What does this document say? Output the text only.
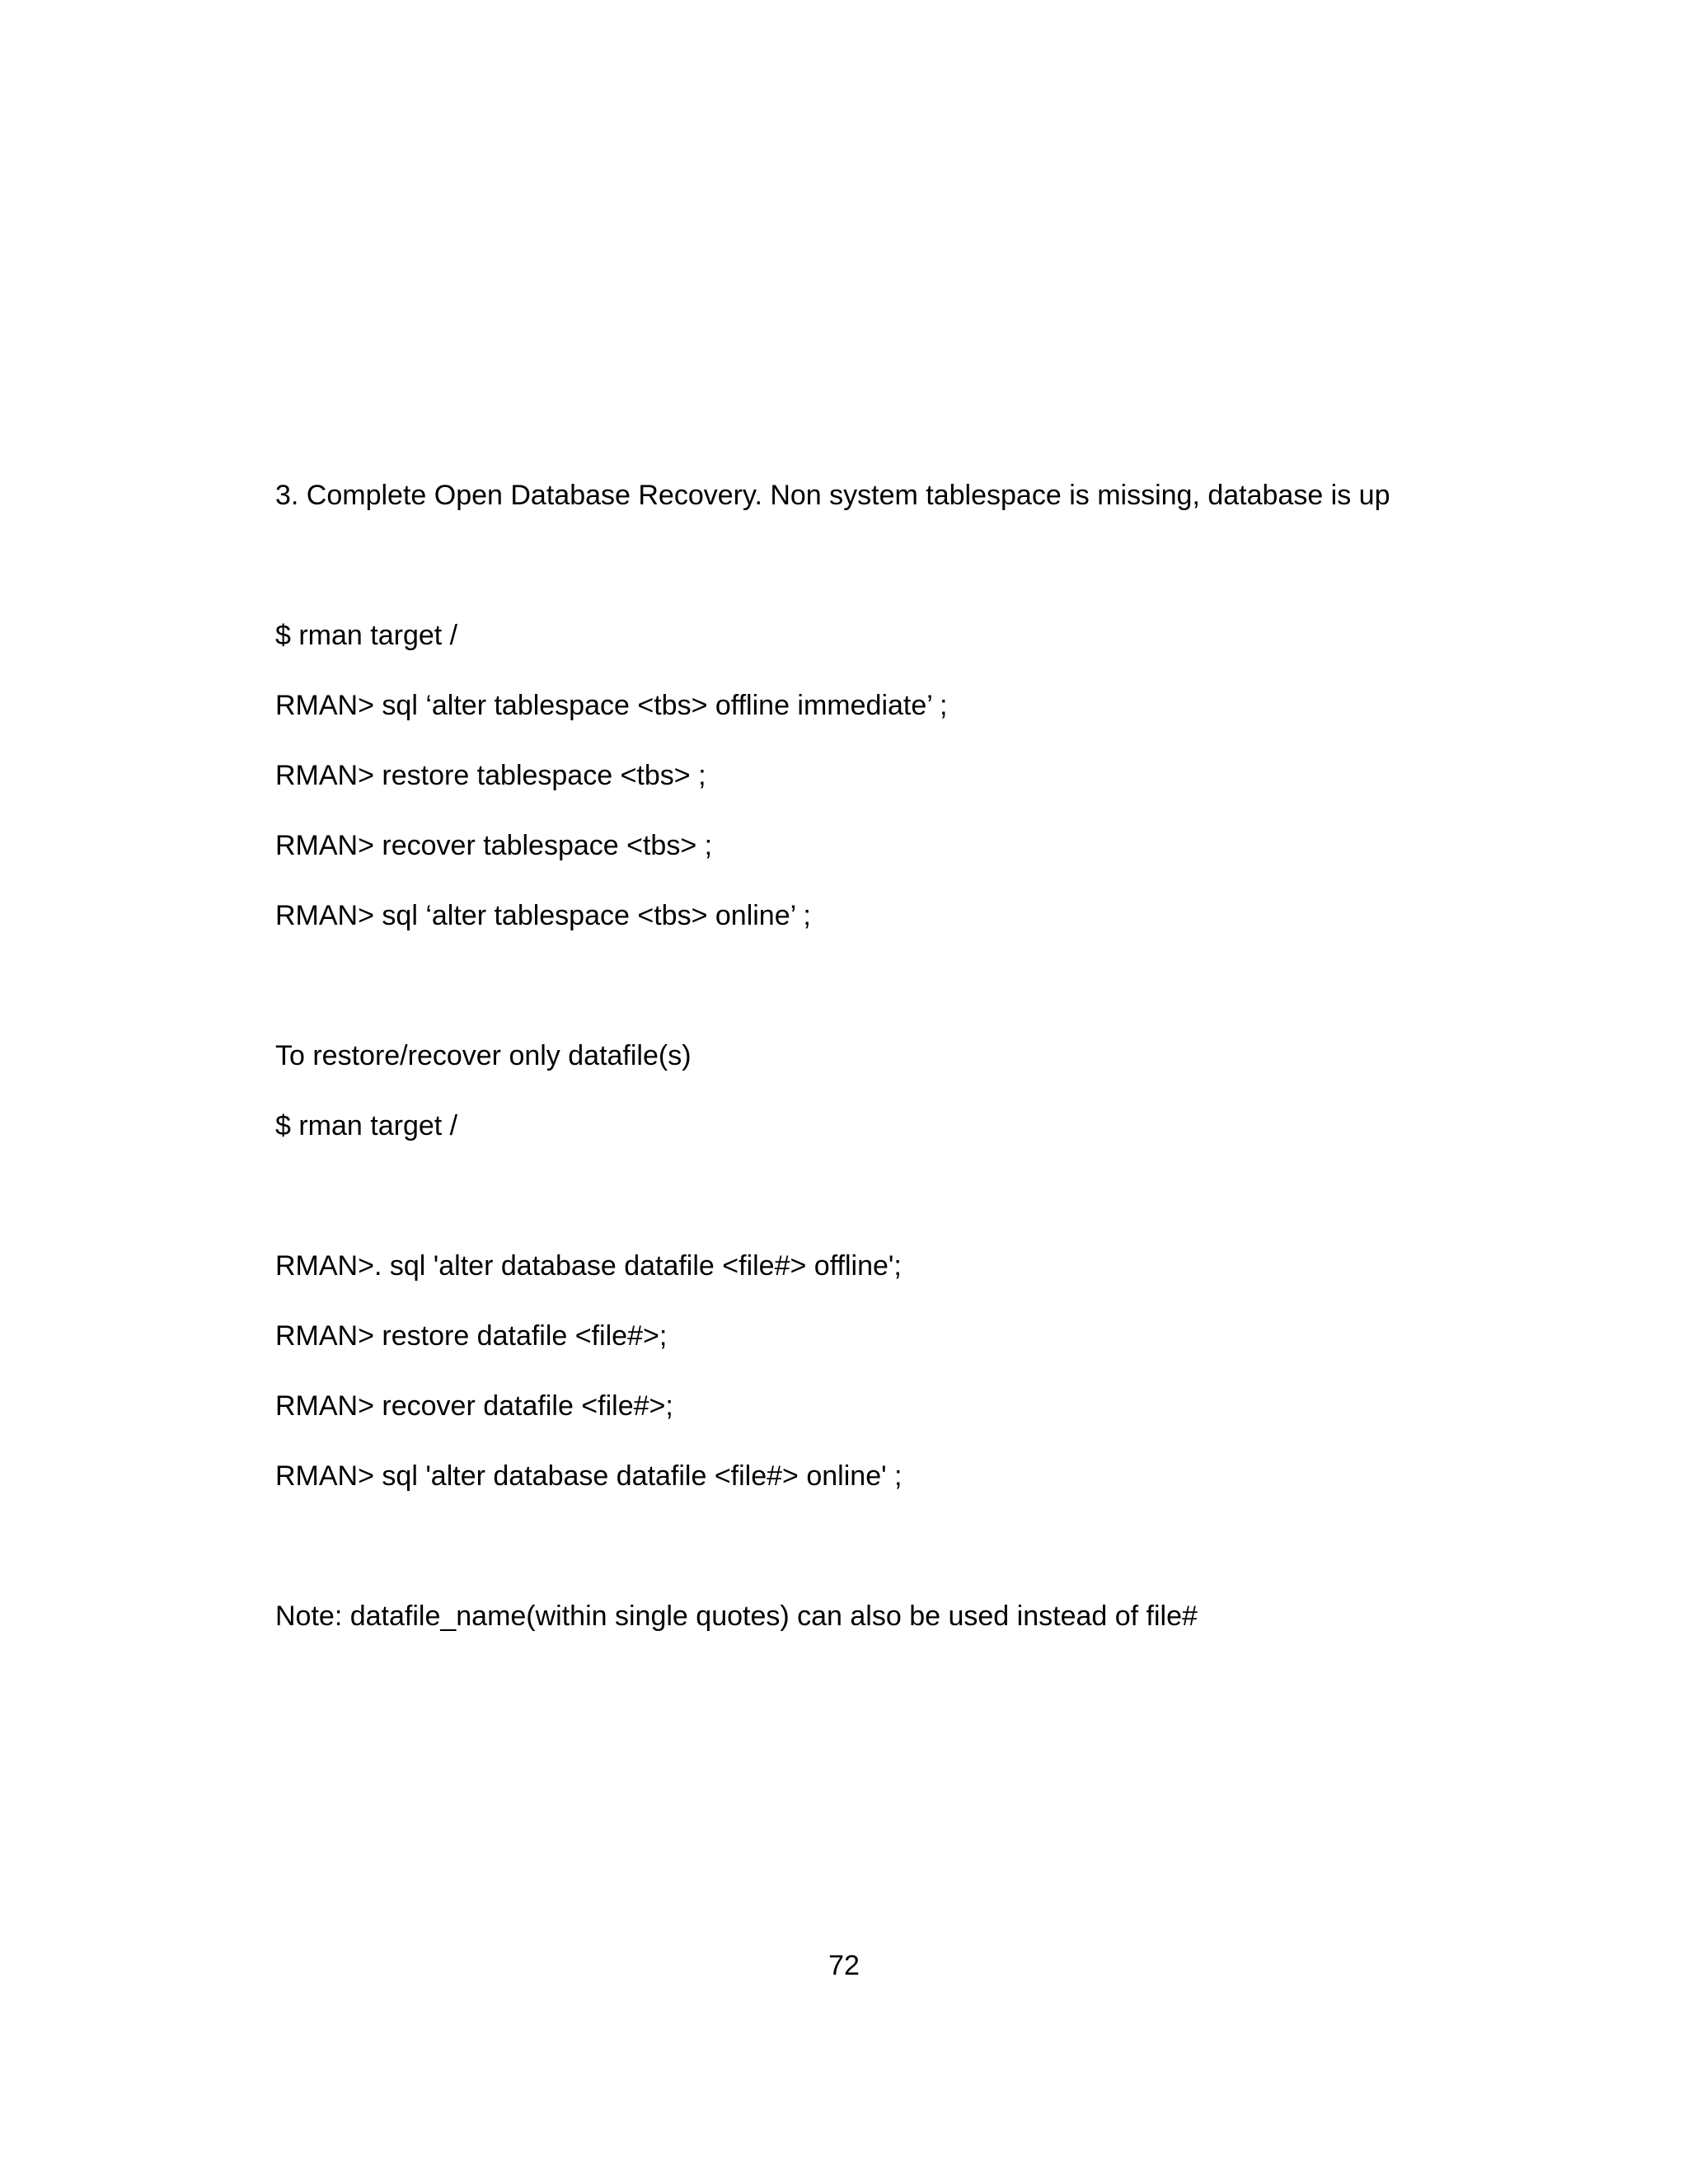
3. Complete Open Database Recovery. Non system tablespace is missing, database is up

$ rman target /

RMAN> sql ‘alter tablespace <tbs> offline immediate’ ;

RMAN> restore tablespace <tbs> ;

RMAN> recover tablespace <tbs> ;

RMAN> sql ‘alter tablespace <tbs> online’ ;

To restore/recover only datafile(s)

$ rman target /

RMAN>. sql 'alter database datafile <file#> offline';

RMAN> restore datafile <file#>;

RMAN> recover datafile <file#>;

RMAN> sql 'alter database datafile <file#> online' ;

Note: datafile_name(within single quotes) can also be used instead of file#

72
